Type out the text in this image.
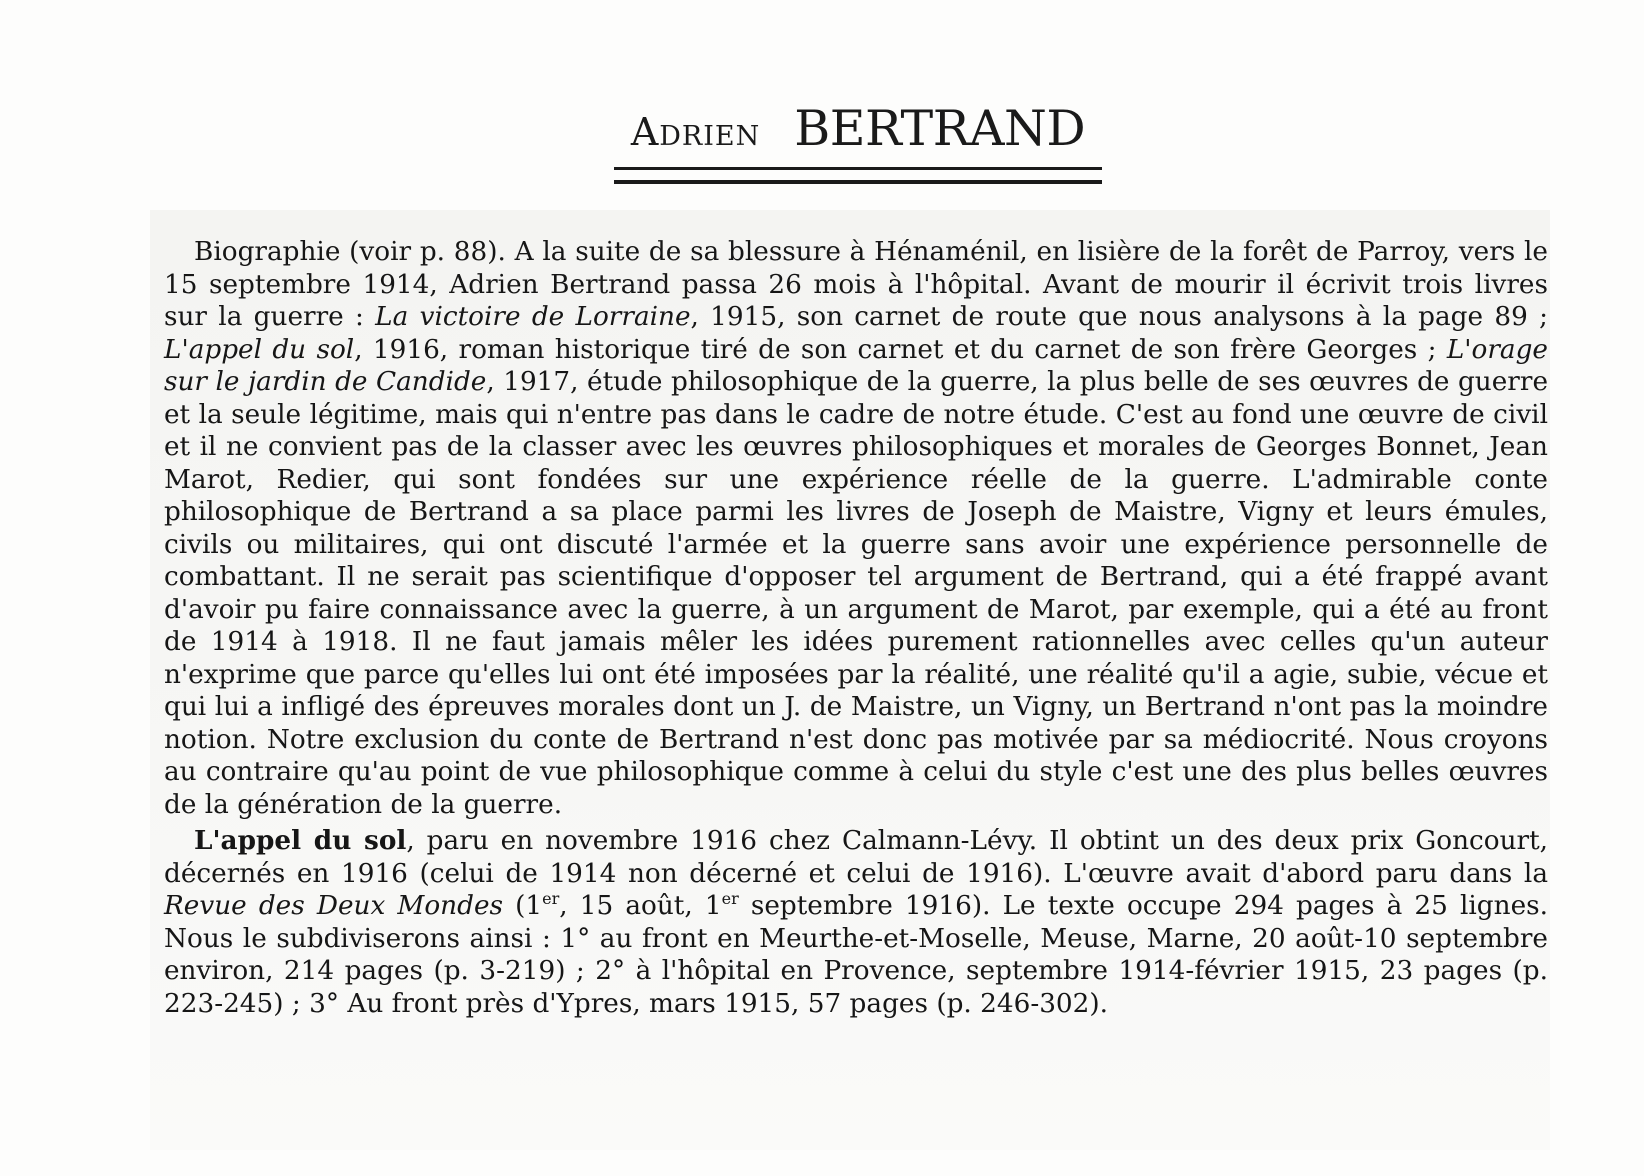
Adrien BERTRAND

Biographie (voir p. 88). A la suite de sa blessure à Hénaménil, en lisière de la forêt de Parroy, vers le 15 septembre 1914, Adrien Bertrand passa 26 mois à l'hôpital. Avant de mourir il écrivit trois livres sur la guerre : La victoire de Lorraine, 1915, son carnet de route que nous analysons à la page 89 ; L'appel du sol, 1916, roman historique tiré de son carnet et du carnet de son frère Georges ; L'orage sur le jardin de Candide, 1917, étude philosophique de la guerre, la plus belle de ses œuvres de guerre et la seule légitime, mais qui n'entre pas dans le cadre de notre étude. C'est au fond une œuvre de civil et il ne convient pas de la classer avec les œuvres philosophiques et morales de Georges Bonnet, Jean Marot, Redier, qui sont fondées sur une expérience réelle de la guerre. L'admirable conte philosophique de Bertrand a sa place parmi les livres de Joseph de Maistre, Vigny et leurs émules, civils ou militaires, qui ont discuté l'armée et la guerre sans avoir une expérience personnelle de combattant. Il ne serait pas scientifique d'opposer tel argument de Bertrand, qui a été frappé avant d'avoir pu faire connaissance avec la guerre, à un argument de Marot, par exemple, qui a été au front de 1914 à 1918. Il ne faut jamais mêler les idées purement rationnelles avec celles qu'un auteur n'exprime que parce qu'elles lui ont été imposées par la réalité, une réalité qu'il a agie, subie, vécue et qui lui a infligé des épreuves morales dont un J. de Maistre, un Vigny, un Bertrand n'ont pas la moindre notion. Notre exclusion du conte de Bertrand n'est donc pas motivée par sa médiocrité. Nous croyons au contraire qu'au point de vue philosophique comme à celui du style c'est une des plus belles œuvres de la génération de la guerre.

L'appel du sol, paru en novembre 1916 chez Calmann-Lévy. Il obtint un des deux prix Goncourt, décernés en 1916 (celui de 1914 non décerné et celui de 1916). L'œuvre avait d'abord paru dans la Revue des Deux Mondes (1er, 15 août, 1er septembre 1916). Le texte occupe 294 pages à 25 lignes. Nous le subdiviserons ainsi : 1° au front en Meurthe-et-Moselle, Meuse, Marne, 20 août-10 septembre environ, 214 pages (p. 3-219) ; 2° à l'hôpital en Provence, septembre 1914-février 1915, 23 pages (p. 223-245) ; 3° Au front près d'Ypres, mars 1915, 57 pages (p. 246-302).
